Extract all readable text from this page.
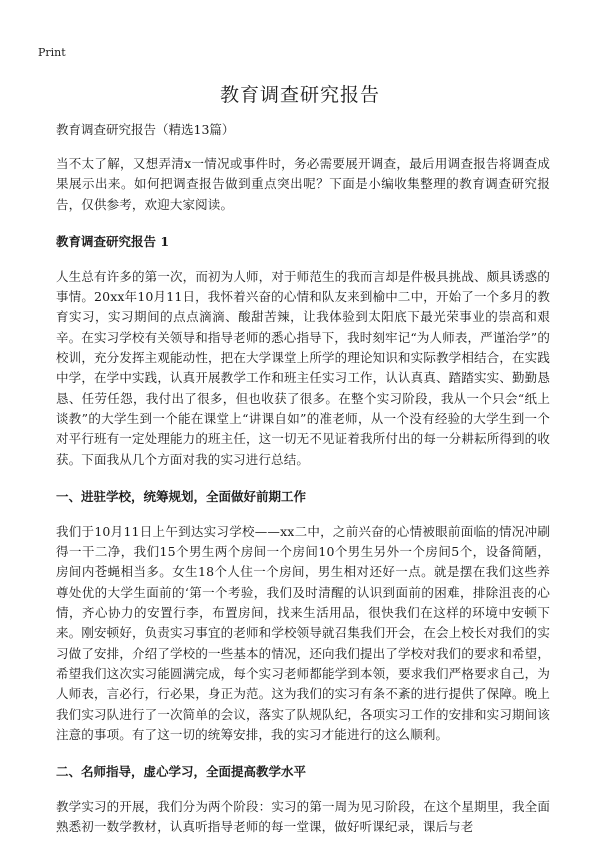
Print
教育调查研究报告

教育调查研究报告（精选13篇）

当不太了解，又想弄清x一情况或事件时，务必需要展开调查，最后用调查报告将调查成果展示出来。如何把调查报告做到重点突出呢？下面是小编收集整理的教育调查研究报告，仅供参考，欢迎大家阅读。

教育调查研究报告 1

人生总有许多的第一次，而初为人师，对于师范生的我而言却是件极具挑战、颇具诱惑的事情。20xx年10月11日，我怀着兴奋的心情和队友来到榆中二中，开始了一个多月的教育实习，实习期间的点点滴滴、酸甜苦辣，让我体验到太阳底下最光荣事业的崇高和艰辛。在实习学校有关领导和指导老师的悉心指导下，我时刻牢记“为人师表，严谨治学”的校训，充分发挥主观能动性，把在大学课堂上所学的理论知识和实际教学相结合，在实践中学，在学中实践，认真开展教学工作和班主任实习工作，认认真真、踏踏实实、勤勤恳恳、任劳任怨，我付出了很多，但也收获了很多。在整个实习阶段，我从一个只会“纸上谈教”的大学生到一个能在课堂上“讲课自如”的准老师，从一个没有经验的大学生到一个对平行班有一定处理能力的班主任，这一切无不见证着我所付出的每一分耕耘所得到的收获。下面我从几个方面对我的实习进行总结。

一、进驻学校，统筹规划，全面做好前期工作

我们于10月11日上午到达实习学校——xx二中，之前兴奋的心情被眼前面临的情况冲刷得一干二净，我们15个男生两个房间一个房间10个男生另外一个房间5个，设备简陋，房间内苍蝇相当多。女生18个人住一个房间，男生相对还好一点。就是摆在我们这些养尊处优的大学生面前的‘第一个考验，我们及时清醒的认识到面前的困难，排除沮丧的心情，齐心协力的安置行李，布置房间，找来生活用品，很快我们在这样的环境中安顿下来。刚安顿好，负责实习事宜的老师和学校领导就召集我们开会，在会上校长对我们的实习做了安排，介绍了学校的一些基本的情况，还向我们提出了学校对我们的要求和希望，希望我们这次实习能圆满完成，每个实习老师都能学到本领，要求我们严格要求自己，为人师表，言必行，行必果，身正为范。这为我们的实习有条不紊的进行提供了保障。晚上我们实习队进行了一次简单的会议，落实了队规队纪，各项实习工作的安排和实习期间该注意的事项。有了这一切的统筹安排，我的实习才能进行的这么顺利。

二、名师指导，虚心学习，全面提高教学水平

教学实习的开展，我们分为两个阶段：实习的第一周为见习阶段，在这个星期里，我全面熟悉初一数学教材，认真听指导老师的每一堂课，做好听课纪录，课后与老
